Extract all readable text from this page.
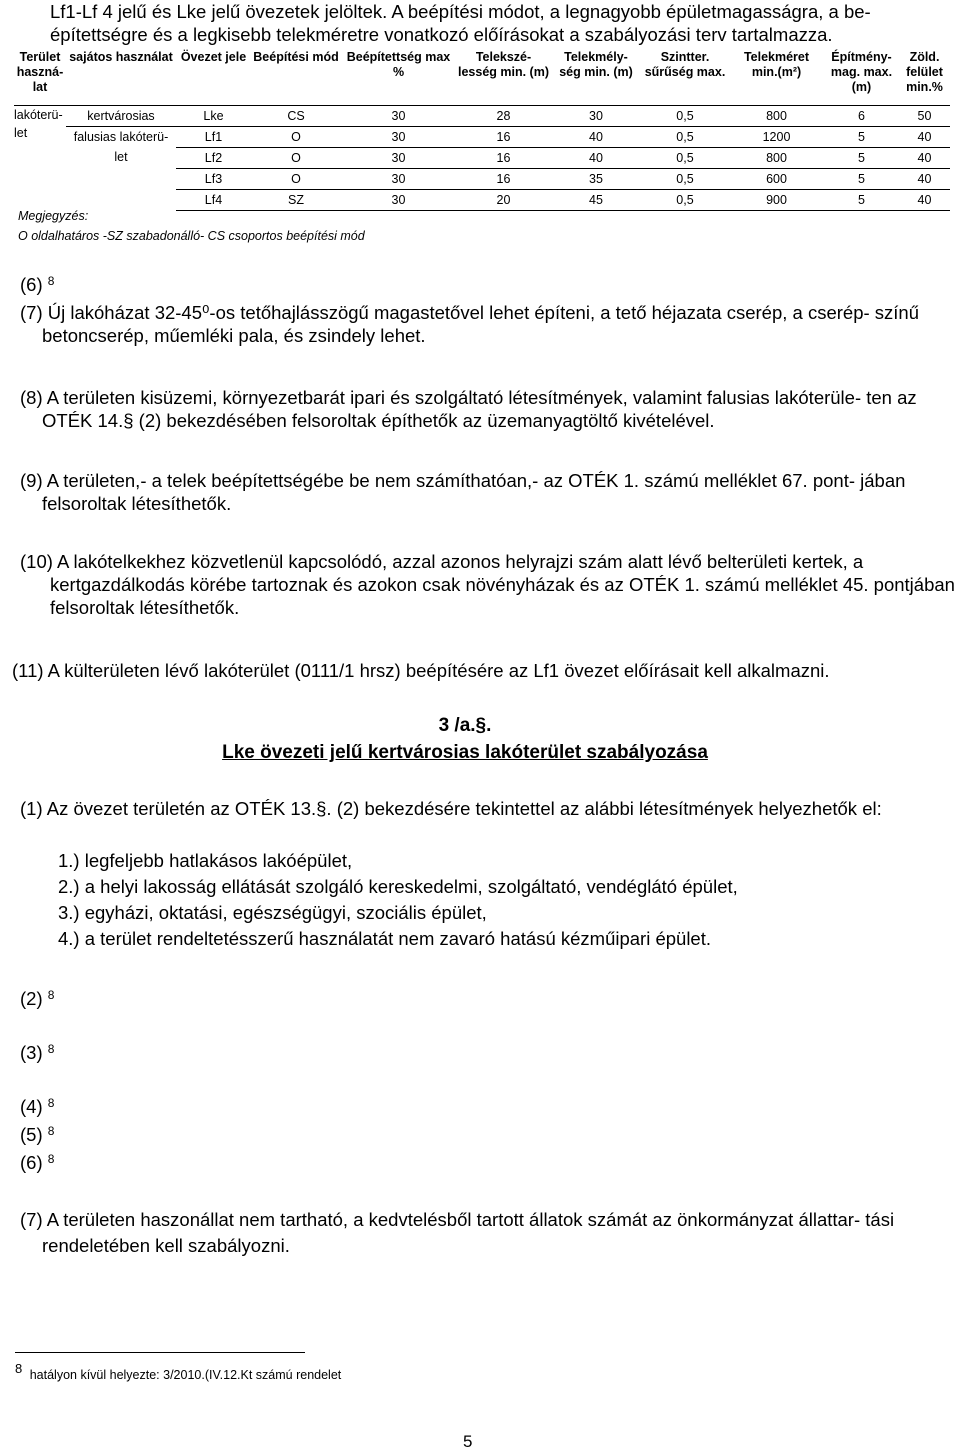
Lf1-Lf 4 jelű és Lke jelű övezetek jelöltek. A beépítési módot, a legnagyobb épületmagasságra, a be-

építettségre és a legkisebb telekméretre vonatkozó előírásokat a szabályozási terv tartalmazza.

Terület haszná- lat	sajátos használat	Övezet jele	Beépítési mód	Beépítettség max %	Telekszé- lesség min. (m)	Telekmély- ség min. (m)	Szintter. sűrűség max.	Telekméret min.(m²)	Építmény- mag. max.(m)	Zöld. felület min.%
lakóterü- let	kertvárosias	Lke	CS	30	28	30	0,5	800	6	50
	falusias lakóterü- let	Lf1	O	30	16	40	0,5	1200	5	40
		Lf2	O	30	16	40	0,5	800	5	40
		Lf3	O	30	16	35	0,5	600	5	40
		Lf4	SZ	30	20	45	0,5	900	5	40
Megjegyzés:
O oldalhatáros -SZ szabadonálló- CS csoportos beépítési mód

(6) $^8$

(7) Új lakóházat 32-45⁰-os tetőhajlásszögű magastetővel lehet építeni, a tető héjazata cserép, a cserép- színű betoncserép, műemléki pala, és zsindely lehet.

(8) A területen kisüzemi, környezetbarát ipari és szolgáltató létesítmények, valamint falusias lakóterüle- ten az OTÉK 14.§ (2) bekezdésében felsoroltak építhetők az üzemanyagtöltő kivételével.

(9) A területen,- a telek beépítettségébe be nem számíthatóan,- az OTÉK 1. számú melléklet 67. pont- jában felsoroltak létesíthetők.

(10) A lakótelkekhez közvetlenül kapcsolódó, azzal azonos helyrajzi szám alatt lévő belterületi kertek, a kertgazdálkodás körébe tartoznak és azokon csak növényházak és az OTÉK 1. számú melléklet 45. pontjában felsoroltak létesíthetők.

(11) A külterületen lévő lakóterület (0111/1 hrsz) beépítésére az Lf1 övezet előírásait kell alkalmazni.

3 /a.§.
Lke övezeti jelű kertvárosias lakóterület szabályozása

(1) Az övezet területén az OTÉK 13.§. (2) bekezdésére tekintettel az alábbi létesítmények helyezhetők el:

1.) legfeljebb hatlakásos lakóépület,
2.) a helyi lakosság ellátását szolgáló kereskedelmi, szolgáltató, vendéglátó épület,
3.) egyházi, oktatási, egészségügyi, szociális épület,
4.) a terület rendeltetésszerű használatát nem zavaró hatású kézműipari épület.

(2) $^8$

(3) $^8$

(4) $^8$

(5) $^8$

(6) $^8$

(7) A területen haszonállat nem tartható, a kedvtelésből tartott állatok számát az önkormányzat állattar- tási rendeletében kell szabályozni.

8 hatályon kívül helyezte: 3/2010.(IV.12.Kt számú rendelet
5
